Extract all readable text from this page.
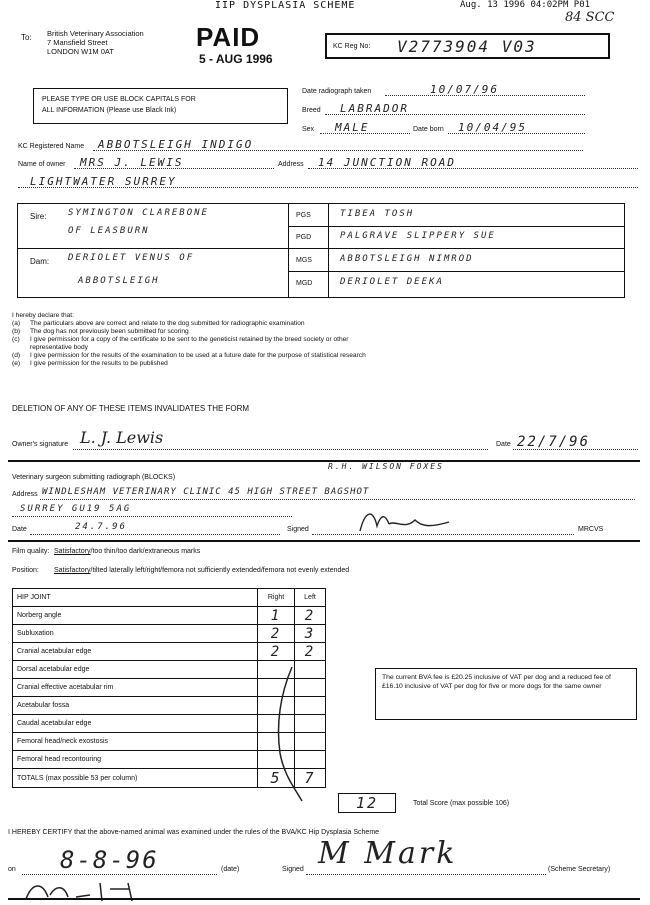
IIP DYSPLASIA SCHEME	Aug. 13 1996 04:02PM P01
84 SCC
To: British Veterinary Association
7 Mansfield Street
LONDON W1M 0AT	PAID
5 - AUG 1996
KC Reg No: V2773904 V03
PLEASE TYPE OR USE BLOCK CAPITALS FOR
ALL INFORMATION (Please use Black Ink)
Date radiograph taken	10/07/96
Breed LABRADOR
Sex MALE	Date born 10/04/95
KC Registered Name ABBOTSLEIGH INDIGO
Name of owner MRS J. LEWIS	Address 14 JUNCTION ROAD
LIGHTWATER SURREY
Sire: SYMINGTON CLAREBONE
OF LEASBURN
Dam: DERIOLET VENUS OF
ABBOTSLEIGH
PGS	TIBEA TOSH
PGD	PALGRAVE SLIPPERY SUE
MGS	ABBOTSLEIGH NIMROD
MGD	DERIOLET DEEKA
I hereby declare that:
(a) The particulars above are correct and relate to the dog submitted for radiographic examination
(b) The dog has not previously been submitted for scoring
(c) I give permission for a copy of the certificate to be sent to the geneticist retained by the breed society or other
representative body
(d) I give permission for the results of the examination to be used at a future date for the purpose of statistical research
(e) I give permission for the results to be published
DELETION OF ANY OF THESE ITEMS INVALIDATES THE FORM
Owner's signature L. J. Lewis	Date 22/7/96
Veterinary surgeon submitting radiograph (BLOCKS)
R.H. WILSON FOXES
Address WINDLESHAM VETERINARY CLINIC 45 HIGH STREET BAGSHOT
SURREY GU19 5AG
Date	24.7.96	Signed	MRCVS
Film quality: Satisfactory/too thin/too dark/extraneous marks
Position: Satisfactory/tilted laterally left/right/femora not sufficiently extended/femora not evenly extended
HIP JOINT	Right	Left
Norberg angle	1	2
Subluxation	2	3
Cranial acetabular edge	2	2
Dorsal acetabular edge		
Cranial effective acetabular rim		
Acetabular fossa		
Caudal acetabular edge		
Femoral head/neck exostosis		
Femoral head recontouring		
TOTALS (max possible 53 per column)	5	7
12	Total Score (max possible 106)
The current BVA fee is £20.25 inclusive of VAT per dog and a reduced fee of £16.10 inclusive of VAT per dog for five or more dogs for the same owner
I HEREBY CERTIFY that the above-named animal was examined under the rules of the BVA/KC Hip Dysplasia Scheme
on 8-8-96	(date)	Signed M Mark	(Scheme Secretary)
